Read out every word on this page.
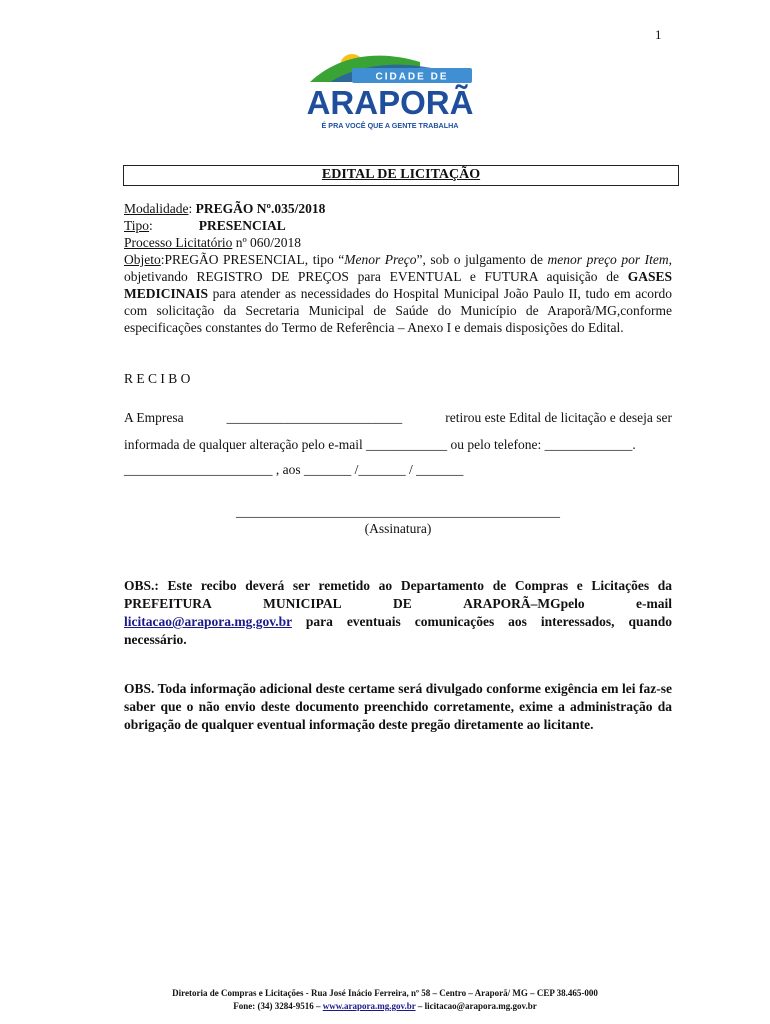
1
CIDADE DE
ARAPORÃ
É PRA VOCÊ QUE A GENTE TRABALHA
EDITAL DE LICITAÇÃO
Modalidade: PREGÃO Nº.035/2018
Tipo:	PRESENCIAL
Processo Licitatório nº 060/2018
Objeto:PREGÃO PRESENCIAL, tipo “Menor Preço”, sob o julgamento de menor preço por Item, objetivando REGISTRO DE PREÇOS para EVENTUAL e FUTURA aquisição de GASES MEDICINAIS para atender as necessidades do Hospital Municipal João Paulo II, tudo em acordo com solicitação da Secretaria Municipal de Saúde do Município de Araporã/MG,conforme especificações constantes do Termo de Referência – Anexo I e demais disposições do Edital.
R E C I B O
A Empresa	__________________________	retirou este Edital de licitação e deseja ser
informada de qualquer alteração pelo e-mail ____________ ou pelo telefone: _____________.
______________________ , aos _______ /_______ / _______
________________________________________________
(Assinatura)
OBS.: Este recibo deverá ser remetido ao Departamento de Compras e Licitações da
PREFEITURA	MUNICIPAL	DE	ARAPORÃ–MGpelo	e-mail
licitacao@arapora.mg.gov.br para eventuais comunicações aos interessados, quando necessário.
OBS. Toda informação adicional deste certame será divulgado conforme exigência em lei faz-se saber que o não envio deste documento preenchido corretamente, exime a administração da obrigação de qualquer eventual informação deste pregão diretamente ao licitante.
Diretoria de Compras e Licitações - Rua José Inácio Ferreira, nº 58 – Centro – Araporã/ MG – CEP 38.465-000
Fone: (34) 3284-9516 – www.arapora.mg.gov.br – licitacao@arapora.mg.gov.br
